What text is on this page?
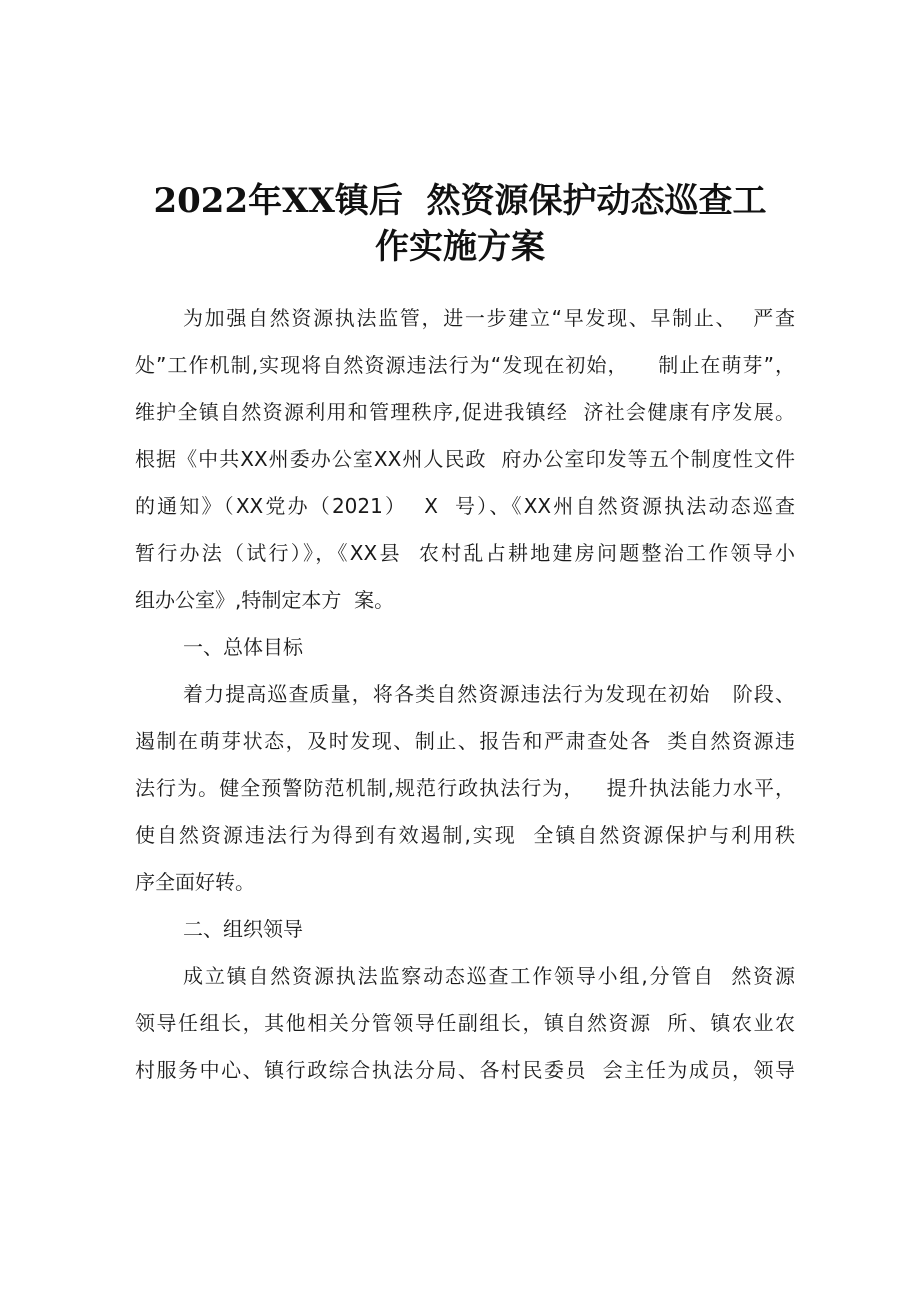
2022年XX镇后  然资源保护动态巡查工
作实施方案
为加强自然资源执法监管，进一步建立“早发现、早制止、  严查
处”工作机制,实现将自然资源违法行为“发现在初始，    制止在萌芽”，
维护全镇自然资源利用和管理秩序,促进我镇经  济社会健康有序发展。
根据《中共XX州委办公室XX州人民政  府办公室印发等五个制度性文件
的通知》（XX党办（2021）  X  号）、《XX州自然资源执法动态巡查
暂行办法（试行）》，《XX县  农村乱占耕地建房问题整治工作领导小
组办公室》,特制定本方  案。
一、总体目标
着力提高巡查质量，将各类自然资源违法行为发现在初始   阶段、
遏制在萌芽状态，及时发现、制止、报告和严肃查处各  类自然资源违
法行为。健全预警防范机制,规范行政执法行为，   提升执法能力水平，
使自然资源违法行为得到有效遏制,实现  全镇自然资源保护与利用秩
序全面好转。
二、组织领导
成立镇自然资源执法监察动态巡查工作领导小组,分管自  然资源
领导任组长，其他相关分管领导任副组长，镇自然资源  所、镇农业农
村服务中心、镇行政综合执法分局、各村民委员  会主任为成员，领导
